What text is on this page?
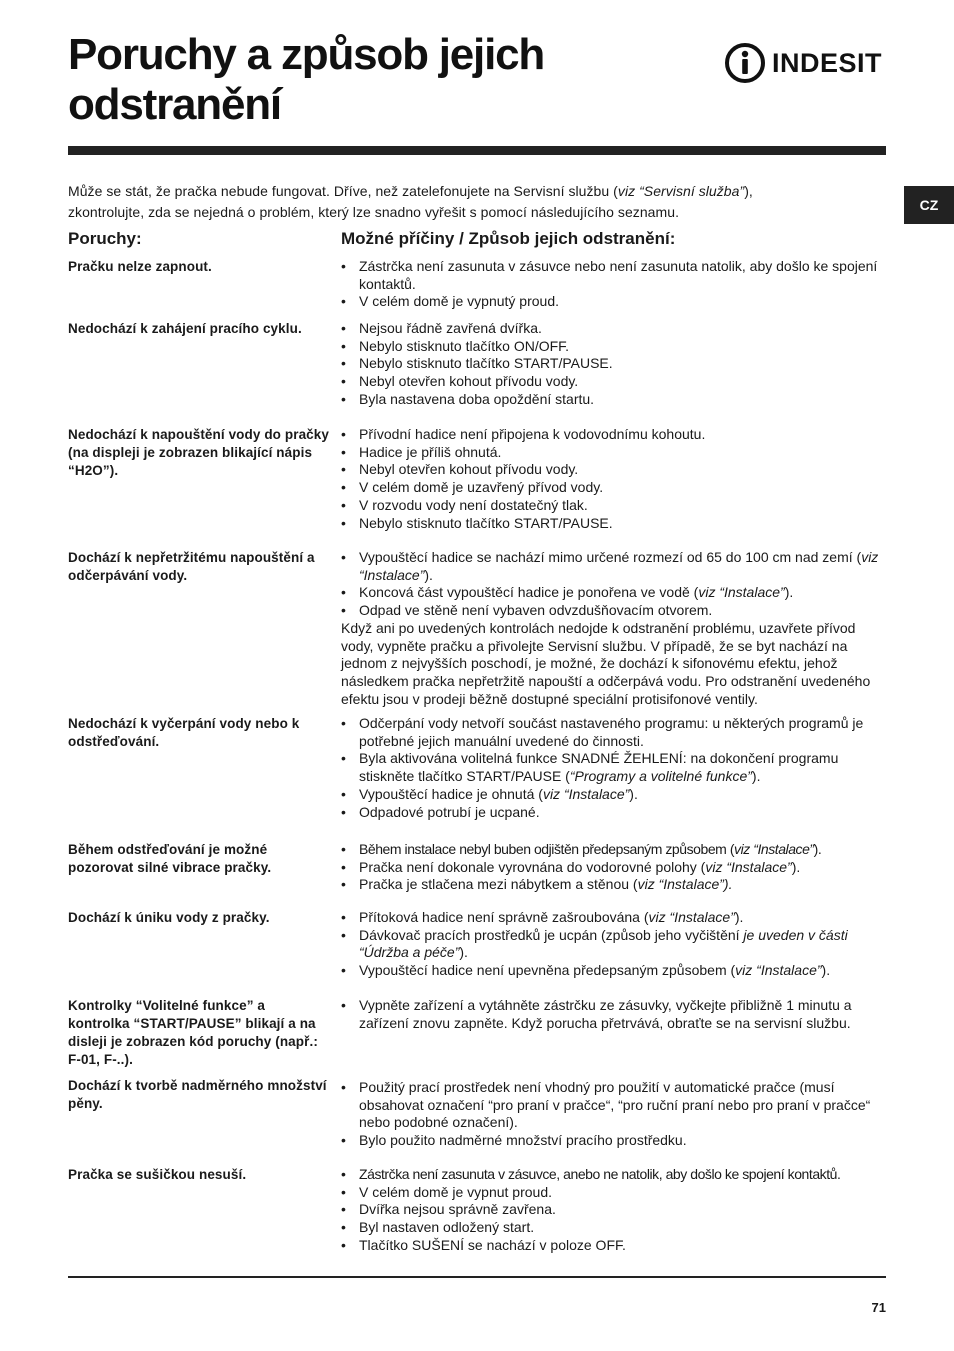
Poruchy a způsob jejich
odstranění
INDESIT
CZ
Může se stát, že pračka nebude fungovat. Dříve, než zatelefonujete na Servisní službu (viz “Servisní služba”),
zkontrolujte, zda se nejedná o problém, který lze snadno vyřešit s pomocí následujícího seznamu.
Poruchy:	Možné příčiny / Způsob jejich odstranění:
Pračku nelze zapnout.	• Zástrčka není zasunuta v zásuvce nebo není zasunuta natolik, aby došlo ke spojení kontaktů.
• V celém domě je vypnutý proud.
Nedochází k zahájení pracího cyklu.	• Nejsou řádně zavřená dvířka.
• Nebylo stisknuto tlačítko ON/OFF.
• Nebylo stisknuto tlačítko START/PAUSE.
• Nebyl otevřen kohout přívodu vody.
• Byla nastavena doba opoždění startu.
Nedochází k napouštění vody do pračky (na displeji je zobrazen blikající nápis “H2O”).
• Přívodní hadice není připojena k vodovodnímu kohoutu.
• Hadice je příliš ohnutá.
• Nebyl otevřen kohout přívodu vody.
• V celém domě je uzavřený přívod vody.
• V rozvodu vody není dostatečný tlak.
• Nebylo stisknuto tlačítko START/PAUSE.
Dochází k nepřetržitému napouštění a odčerpávání vody.
• Vypouštěcí hadice se nachází mimo určené rozmezí od 65 do 100 cm nad zemí (viz “Instalace”).
• Koncová část vypouštěcí hadice je ponořena ve vodě (viz “Instalace”).
• Odpad ve stěně není vybaven odvzdušňovacím otvorem.

Když ani po uvedených kontrolách nedojde k odstranění problému, uzavřete přívod vody, vypněte pračku a přivolejte Servisní službu. V případě, že se byt nachází na jednom z nejvyšších poschodí, je možné, že dochází k sifonovému efektu, jehož následkem pračka nepřetržitě napouští a odčerpává vodu. Pro odstranění uvedeného efektu jsou v prodeji běžně dostupné speciální protisifonové ventily.

Nedochází k vyčerpání vody nebo k odstřeďování.
• Odčerpání vody netvoří součást nastaveného programu: u některých programů je potřebné jejich manuální uvedené do činnosti.
• Byla aktivována volitelná funkce SNADNÉ ŽEHLENÍ: na dokončení programu stiskněte tlačítko START/PAUSE (“Programy a volitelné funkce”).
• Vypouštěcí hadice je ohnutá (viz “Instalace”).
• Odpadové potrubí je ucpané.
Během odstřeďování je možné pozorovat silné vibrace pračky.
• Během instalace nebyl buben odjištěn předepsaným způsobem (viz “Instalace”).
• Pračka není dokonale vyrovnána do vodorovné polohy (viz “Instalace”).
• Pračka je stlačena mezi nábytkem a stěnou (viz “Instalace”).
Dochází k úniku vody z pračky.	• Přítoková hadice není správně zašroubována (viz “Instalace”).
• Dávkovač pracích prostředků je ucpán (způsob jeho vyčištění je uveden v části “Údržba a péče”).
• Vypouštěcí hadice není upevněna předepsaným způsobem (viz “Instalace”).
Kontrolky “Volitelné funkce” a kontrolka “START/PAUSE” blikají a na disleji je zobrazen kód poruchy (např.: F-01, F-..).
• Vypněte zařízení a vytáhněte zástrčku ze zásuvky, vyčkejte přibližně 1 minutu a zařízení znovu zapněte. Když porucha přetrvává, obraťte se na servisní službu.
Dochází k tvorbě nadměrného množství pěny.
• Použitý prací prostředek není vhodný pro použití v automatické pračce (musí obsahovat označení “pro praní v pračce“, “pro ruční praní nebo pro praní v pračce“ nebo podobné označení).
• Bylo použito nadměrné množství pracího prostředku.
Pračka se sušičkou nesuší.	• Zástrčka není zasunuta v zásuvce, anebo ne natolik, aby došlo ke spojení kontaktů.
• V celém domě je vypnut proud.
• Dvířka nejsou správně zavřena.
• Byl nastaven odložený start.
• Tlačítko SUŠENÍ se nachází v poloze OFF.
71
